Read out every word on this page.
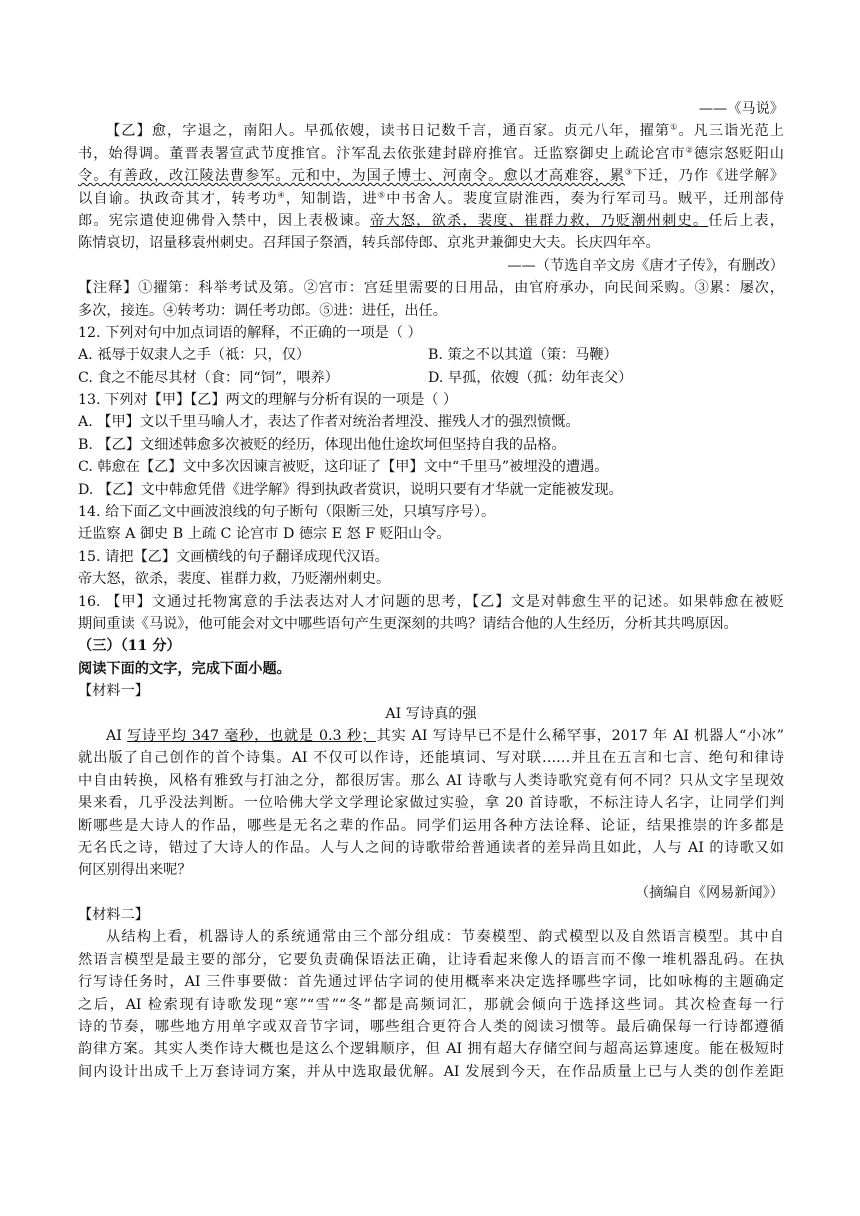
——《马说》
【乙】愈，字退之，南阳人。早孤依嫂，读书日记数千言，通百家。贞元八年，擢第①。凡三诣光范上
书，始得调。董晋表署宣武节度推官。汴军乱去依张建封辟府推官。迁监察御史上疏论宫市②德宗怒贬阳山
令。有善政，改江陵法曹参军。元和中，为国子博士、河南令。愈以才高难容，累③下迁，乃作《进学解》
以自谕。执政奇其才，转考功④，知制诰，进⑤中书舍人。裴度宣尉淮西，奏为行军司马。贼平，迁刑部侍
郎。宪宗遣使迎佛骨入禁中，因上表极谏。帝大怒，欲杀，裴度、崔群力救，乃贬潮州刺史。任后上表，
陈情哀切，诏量移袁州刺史。召拜国子祭酒，转兵部侍郎、京兆尹兼御史大夫。长庆四年卒。
——（节选自辛文房《唐才子传》，有删改）
【注释】①擢第：科举考试及第。②宫市：宫廷里需要的日用品，由官府承办，向民间采购。③累：屡次，
多次，接连。④转考功：调任考功郎。⑤进：进任，出任。
12. 下列对句中加点词语的解释，不正确的一项是（ ）
A. 祗辱于奴隶人之手（祗：只，仅）	B. 策之不以其道（策：马鞭）
C. 食之不能尽其材（食：同“饲”，喂养）	D. 早孤，依嫂（孤：幼年丧父）
13. 下列对【甲】【乙】两文的理解与分析有误的一项是（ ）
A. 【甲】文以千里马喻人才，表达了作者对统治者埋没、摧残人才的强烈愤慨。
B. 【乙】文细述韩愈多次被贬的经历，体现出他仕途坎坷但坚持自我的品格。
C. 韩愈在【乙】文中多次因谏言被贬，这印证了【甲】文中“千里马”被埋没的遭遇。
D. 【乙】文中韩愈凭借《进学解》得到执政者赏识，说明只要有才华就一定能被发现。
14. 给下面乙文中画波浪线的句子断句（限断三处，只填写序号）。
迁监察 A 御史 B 上疏 C 论宫市 D 德宗 E 怒 F 贬阳山令。
15. 请把【乙】文画横线的句子翻译成现代汉语。
帝大怒，欲杀，裴度、崔群力救，乃贬潮州刺史。
16. 【甲】文通过托物寓意的手法表达对人才问题的思考，【乙】文是对韩愈生平的记述。如果韩愈在被贬
期间重读《马说》，他可能会对文中哪些语句产生更深刻的共鸣？请结合他的人生经历，分析其共鸣原因。
（三）（11 分）
阅读下面的文字，完成下面小题。
【材料一】
AI 写诗真的强
AI 写诗平均 347 毫秒，也就是 0.3 秒；其实 AI 写诗早已不是什么稀罕事，2017 年 AI 机器人“小冰”
就出版了自己创作的首个诗集。AI 不仅可以作诗，还能填词、写对联……并且在五言和七言、绝句和律诗
中自由转换，风格有雅致与打油之分，都很厉害。那么 AI 诗歌与人类诗歌究竟有何不同？只从文字呈现效
果来看，几乎没法判断。一位哈佛大学文学理论家做过实验，拿 20 首诗歌，不标注诗人名字，让同学们判
断哪些是大诗人的作品，哪些是无名之辈的作品。同学们运用各种方法诠释、论证，结果推崇的许多都是
无名氏之诗，错过了大诗人的作品。人与人之间的诗歌带给普通读者的差异尚且如此，人与 AI 的诗歌又如
何区别得出来呢？
（摘编自《网易新闻》）
【材料二】
从结构上看，机器诗人的系统通常由三个部分组成：节奏模型、韵式模型以及自然语言模型。其中自
然语言模型是最主要的部分，它要负责确保语法正确，让诗看起来像人的语言而不像一堆机器乱码。在执
行写诗任务时，AI 三件事要做：首先通过评估字词的使用概率来决定选择哪些字词，比如咏梅的主题确定
之后，AI 检索现有诗歌发现“寒”“雪”“冬”都是高频词汇，那就会倾向于选择这些词。其次检查每一行
诗的节奏，哪些地方用单字或双音节字词，哪些组合更符合人类的阅读习惯等。最后确保每一行诗都遵循
韵律方案。其实人类作诗大概也是这么个逻辑顺序，但 AI 拥有超大存储空间与超高运算速度。能在极短时
间内设计出成千上万套诗词方案，并从中选取最优解。AI 发展到今天，在作品质量上已与人类的创作差距
